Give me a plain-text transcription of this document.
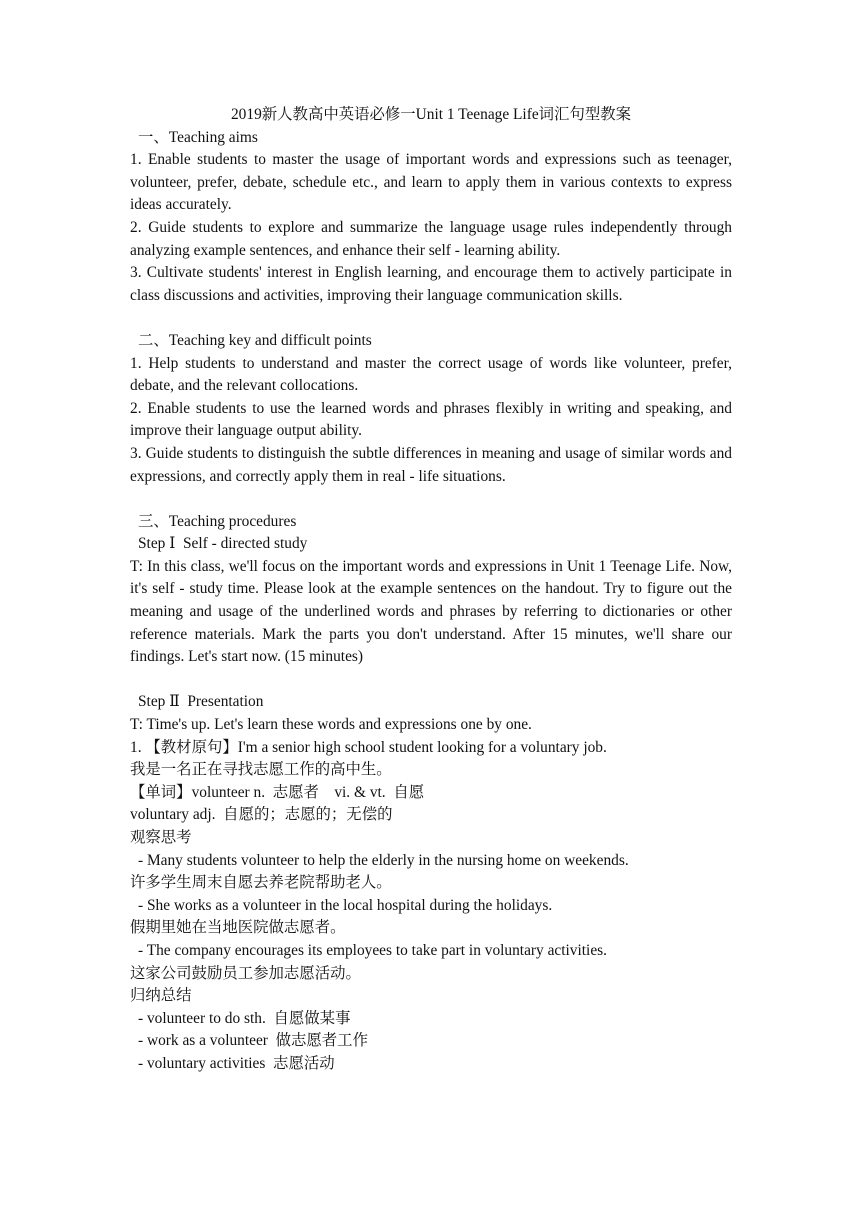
2019新人教高中英语必修一Unit 1 Teenage Life词汇句型教案

一、Teaching aims

1. Enable students to master the usage of important words and expressions such as teenager, volunteer, prefer, debate, schedule etc., and learn to apply them in various contexts to express ideas accurately.

2. Guide students to explore and summarize the language usage rules independently through analyzing example sentences, and enhance their self - learning ability.

3. Cultivate students' interest in English learning, and encourage them to actively participate in class discussions and activities, improving their language communication skills.

二、Teaching key and difficult points

1. Help students to understand and master the correct usage of words like volunteer, prefer, debate, and the relevant collocations.

2. Enable students to use the learned words and phrases flexibly in writing and speaking, and improve their language output ability.

3. Guide students to distinguish the subtle differences in meaning and usage of similar words and expressions, and correctly apply them in real - life situations.

三、Teaching procedures

Step Ⅰ  Self - directed study

T: In this class, we'll focus on the important words and expressions in Unit 1 Teenage Life. Now, it's self - study time. Please look at the example sentences on the handout. Try to figure out the meaning and usage of the underlined words and phrases by referring to dictionaries or other reference materials. Mark the parts you don't understand. After 15 minutes, we'll share our findings. Let's start now. (15 minutes)

Step Ⅱ  Presentation

T: Time's up. Let's learn these words and expressions one by one.

1. 【教材原句】I'm a senior high school student looking for a voluntary job.

我是一名正在寻找志愿工作的高中生。

【单词】volunteer n.  志愿者    vi. & vt.  自愿

voluntary adj.  自愿的；志愿的；无偿的

观察思考

- Many students volunteer to help the elderly in the nursing home on weekends.

许多学生周末自愿去养老院帮助老人。

- She works as a volunteer in the local hospital during the holidays.

假期里她在当地医院做志愿者。

- The company encourages its employees to take part in voluntary activities.

这家公司鼓励员工参加志愿活动。

归纳总结

- volunteer to do sth.  自愿做某事

- work as a volunteer  做志愿者工作

- voluntary activities  志愿活动
